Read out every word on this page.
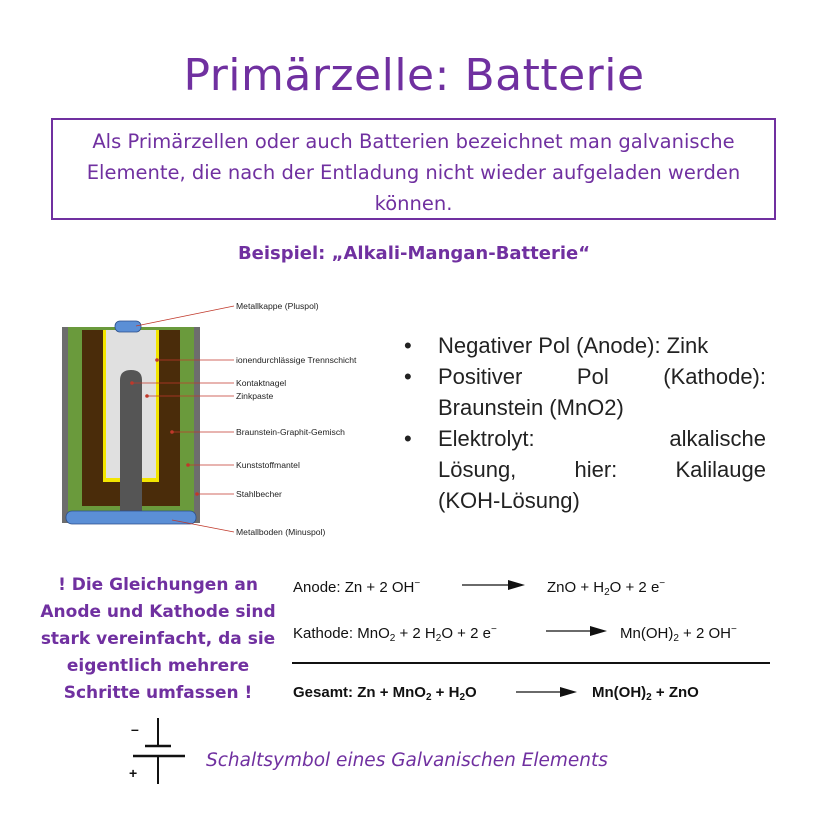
Primärzelle: Batterie
Als Primärzellen oder auch Batterien bezeichnet man galvanische Elemente, die nach der Entladung nicht wieder aufgeladen werden können.
Beispiel: „Alkali-Mangan-Batterie“
Metallkappe (Pluspol)
ionendurchlässige Trennschicht
Kontaktnagel
Zinkpaste
Braunstein-Graphit-Gemisch
Kunststoffmantel
Stahlbecher
Metallboden (Minuspol)
• Negativer Pol (Anode): Zink
• Positiver Pol (Kathode):
Braunstein (MnO2)
• Elektrolyt: alkalische
Lösung, hier: Kalilauge
(KOH-Lösung)
! Die Gleichungen an Anode und Kathode sind stark vereinfacht, da sie eigentlich mehrere Schritte umfassen !
Anode: Zn + 2 OH−	ZnO + $H_2O + 2$ e−
Kathode: MnO$_2$ + 2 $H_2O + 2$ e−	$Mn(OH)_2 + 2$ OH−
Gesamt: $Zn + MnO_2 + H_2O$	$Mn(OH)_2$ + ZnO
–
+
Schaltsymbol eines Galvanischen Elements
